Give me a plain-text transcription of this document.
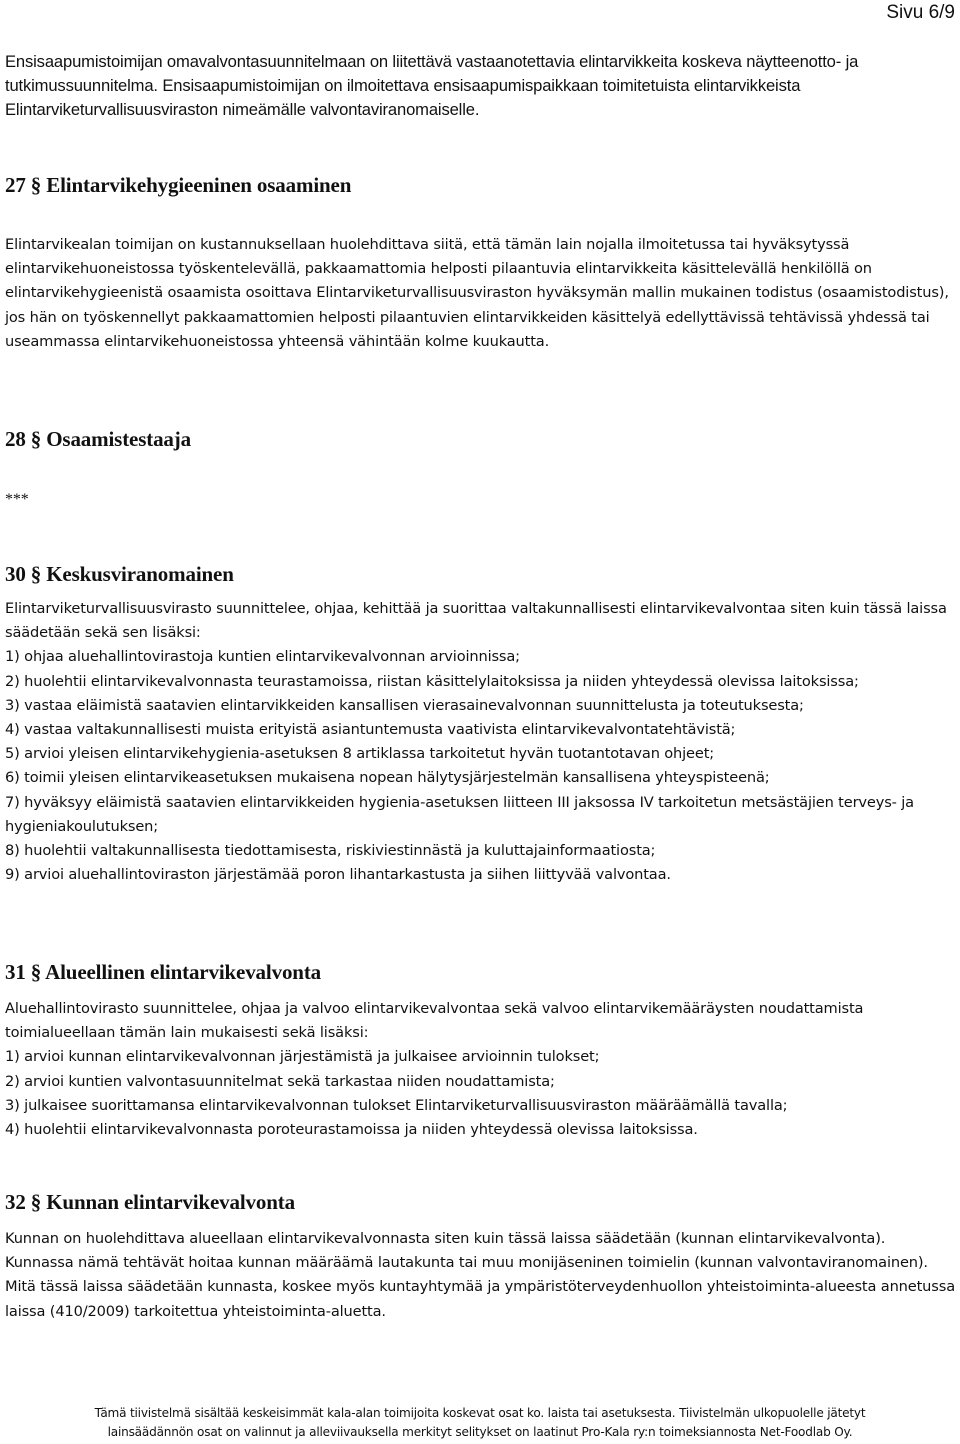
Sivu 6/9
Ensisaapumistoimijan omavalvontasuunnitelmaan on liitettävä vastaanotettavia elintarvikkeita koskeva näytteenotto- ja tutkimussuunnitelma. Ensisaapumistoimijan on ilmoitettava ensisaapumispaikkaan toimitetuista elintarvikkeista Elintarviketurvallisuusviraston nimeämälle valvontaviranomaiselle.
27 § Elintarvikehygieeninen osaaminen

Elintarvikealan toimijan on kustannuksellaan huolehdittava siitä, että tämän lain nojalla ilmoitetussa tai hyväksytyssä elintarvikehuoneistossa työskentelevällä, pakkaamattomia helposti pilaantuvia elintarvikkeita käsittelevällä henkilöllä on elintarvikehygieenistä osaamista osoittava Elintarviketurvallisuusviraston hyväksymän mallin mukainen todistus (osaamistodistus), jos hän on työskennellyt pakkaamattomien helposti pilaantuvien elintarvikkeiden käsittelyä edellyttävissä tehtävissä yhdessä tai useammassa elintarvikehuoneistossa yhteensä vähintään kolme kuukautta.

28 § Osaamistestaaja
***
30 § Keskusviranomainen

Elintarviketurvallisuusvirasto suunnittelee, ohjaa, kehittää ja suorittaa valtakunnallisesti elintarvikevalvontaa siten kuin tässä laissa säädetään sekä sen lisäksi:

1) ohjaa aluehallintovirastoja kuntien elintarvikevalvonnan arvioinnissa;

2) huolehtii elintarvikevalvonnasta teurastamoissa, riistan käsittelylaitoksissa ja niiden yhteydessä olevissa laitoksissa;

3) vastaa eläimistä saatavien elintarvikkeiden kansallisen vierasainevalvonnan suunnittelusta ja toteutuksesta;

4) vastaa valtakunnallisesti muista erityistä asiantuntemusta vaativista elintarvikevalvontatehtävistä;

5) arvioi yleisen elintarvikehygienia-asetuksen 8 artiklassa tarkoitetut hyvän tuotantotavan ohjeet;

6) toimii yleisen elintarvikeasetuksen mukaisena nopean hälytysjärjestelmän kansallisena yhteyspisteenä;

7) hyväksyy eläimistä saatavien elintarvikkeiden hygienia-asetuksen liitteen III jaksossa IV tarkoitetun metsästäjien terveys- ja hygieniakoulutuksen;

8) huolehtii valtakunnallisesta tiedottamisesta, riskiviestinnästä ja kuluttajainformaatiosta;

9) arvioi aluehallintoviraston järjestämää poron lihantarkastusta ja siihen liittyvää valvontaa.

31 § Alueellinen elintarvikevalvonta

Aluehallintovirasto suunnittelee, ohjaa ja valvoo elintarvikevalvontaa sekä valvoo elintarvikemääräysten noudattamista toimialueellaan tämän lain mukaisesti sekä lisäksi:

1) arvioi kunnan elintarvikevalvonnan järjestämistä ja julkaisee arvioinnin tulokset;

2) arvioi kuntien valvontasuunnitelmat sekä tarkastaa niiden noudattamista;

3) julkaisee suorittamansa elintarvikevalvonnan tulokset Elintarviketurvallisuusviraston määräämällä tavalla;

4) huolehtii elintarvikevalvonnasta poroteurastamoissa ja niiden yhteydessä olevissa laitoksissa.

32 § Kunnan elintarvikevalvonta

Kunnan on huolehdittava alueellaan elintarvikevalvonnasta siten kuin tässä laissa säädetään (kunnan elintarvikevalvonta). Kunnassa nämä tehtävät hoitaa kunnan määräämä lautakunta tai muu monijäseninen toimielin (kunnan valvontaviranomainen). Mitä tässä laissa säädetään kunnasta, koskee myös kuntayhtymää ja ympäristöterveydenhuollon yhteistoiminta-alueesta annetussa laissa (410/2009) tarkoitettua yhteistoiminta-aluetta.

Tämä tiivistelmä sisältää keskeisimmät kala-alan toimijoita koskevat osat ko. laista tai asetuksesta. Tiivistelmän ulkopuolelle jätetyt
lainsäädännön osat on valinnut ja alleviivauksella merkityt selitykset on laatinut Pro-Kala ry:n toimeksiannosta Net-Foodlab Oy.
